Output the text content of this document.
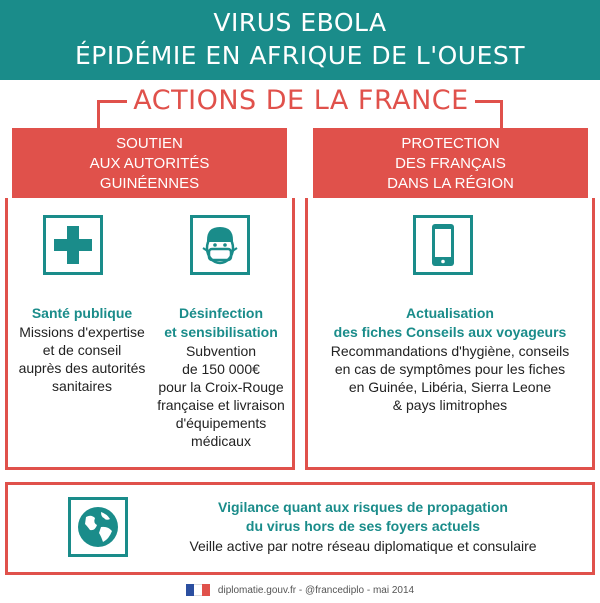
VIRUS EBOLA
ÉPIDÉMIE EN AFRIQUE DE L'OUEST
ACTIONS DE LA FRANCE
SOUTIEN
AUX AUTORITÉS
GUINÉENNES
PROTECTION
DES FRANÇAIS
DANS LA RÉGION
Santé publique
Missions d'expertise
et de conseil
auprès des autorités
sanitaires
Désinfection
et sensibilisation
Subvention
de 150 000€
pour la Croix-Rouge
française et livraison
d'équipements
médicaux
Actualisation
des fiches Conseils aux voyageurs
Recommandations d'hygiène, conseils
en cas de symptômes pour les fiches
en Guinée, Libéria, Sierra Leone
& pays limitrophes
Vigilance quant aux risques de propagation
du virus hors de ses foyers actuels
Veille active par notre réseau diplomatique et consulaire
diplomatie.gouv.fr - @francediplo - mai 2014
